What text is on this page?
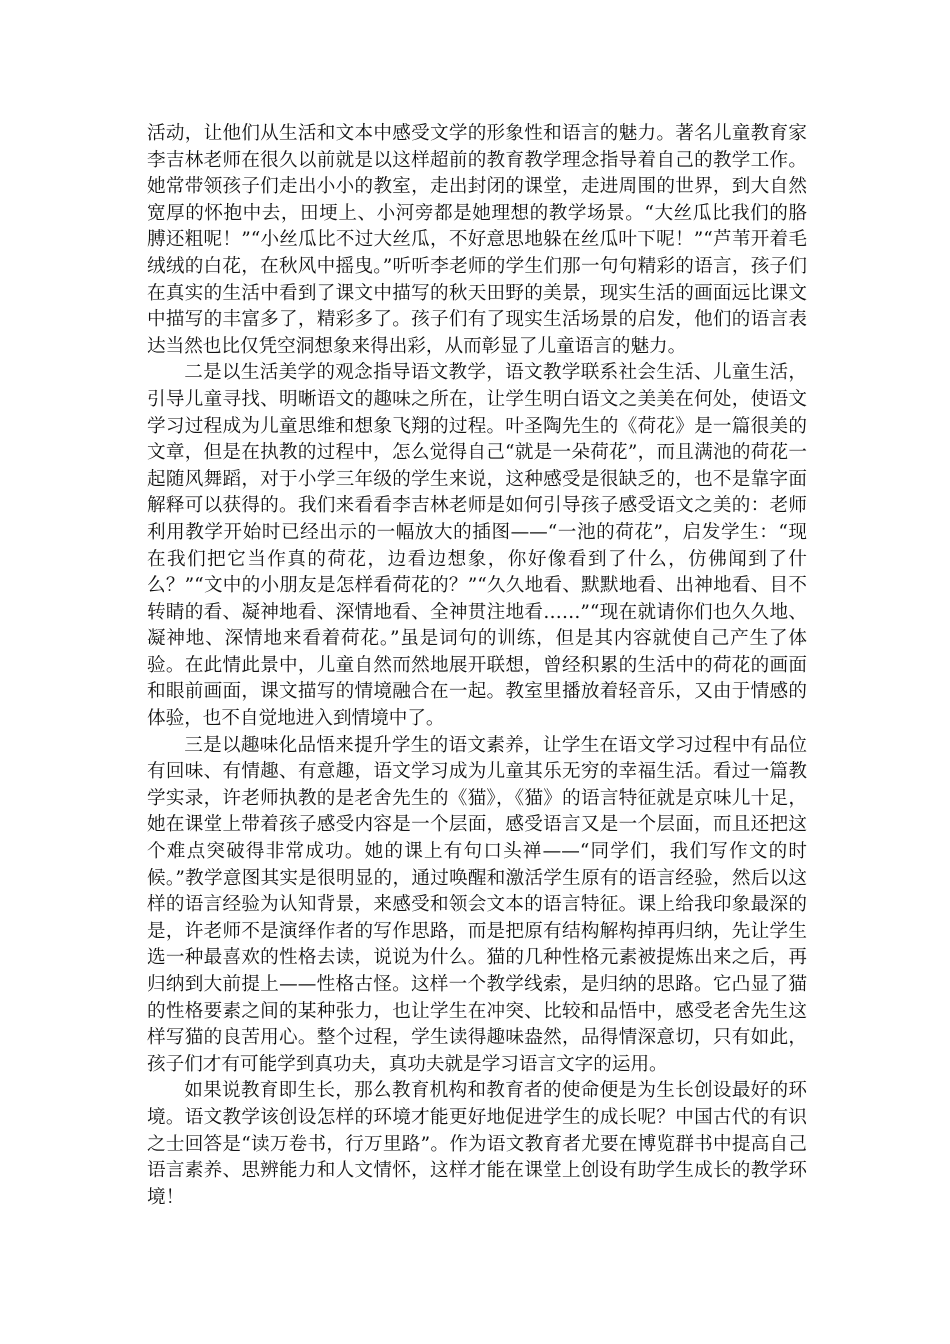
活动，让他们从生活和文本中感受文学的形象性和语言的魅力。著名儿童教育家李吉林老师在很久以前就是以这样超前的教育教学理念指导着自己的教学工作。她常带领孩子们走出小小的教室，走出封闭的课堂，走进周围的世界，到大自然宽厚的怀抱中去，田埂上、小河旁都是她理想的教学场景。“大丝瓜比我们的胳膊还粗呢！”“小丝瓜比不过大丝瓜，不好意思地躲在丝瓜叶下呢！”“芦苇开着毛绒绒的白花，在秋风中摇曳。”听听李老师的学生们那一句句精彩的语言，孩子们在真实的生活中看到了课文中描写的秋天田野的美景，现实生活的画面远比课文中描写的丰富多了，精彩多了。孩子们有了现实生活场景的启发，他们的语言表达当然也比仅凭空洞想象来得出彩，从而彰显了儿童语言的魅力。

二是以生活美学的观念指导语文教学，语文教学联系社会生活、儿童生活，引导儿童寻找、明晰语文的趣味之所在，让学生明白语文之美美在何处，使语文学习过程成为儿童思维和想象飞翔的过程。叶圣陶先生的《荷花》是一篇很美的文章，但是在执教的过程中，怎么觉得自己“就是一朵荷花”，而且满池的荷花一起随风舞蹈，对于小学三年级的学生来说，这种感受是很缺乏的，也不是靠字面解释可以获得的。我们来看看李吉林老师是如何引导孩子感受语文之美的：老师利用教学开始时已经出示的一幅放大的插图——“一池的荷花”，启发学生：“现在我们把它当作真的荷花，边看边想象，你好像看到了什么，仿佛闻到了什么？”“文中的小朋友是怎样看荷花的？”“久久地看、默默地看、出神地看、目不转睛的看、凝神地看、深情地看、全神贯注地看……”“现在就请你们也久久地、凝神地、深情地来看着荷花。”虽是词句的训练，但是其内容就使自己产生了体验。在此情此景中，儿童自然而然地展开联想，曾经积累的生活中的荷花的画面和眼前画面，课文描写的情境融合在一起。教室里播放着轻音乐，又由于情感的体验，也不自觉地进入到情境中了。

三是以趣味化品悟来提升学生的语文素养，让学生在语文学习过程中有品位有回味、有情趣、有意趣，语文学习成为儿童其乐无穷的幸福生活。看过一篇教学实录，许老师执教的是老舍先生的《猫》，《猫》的语言特征就是京味儿十足，她在课堂上带着孩子感受内容是一个层面，感受语言又是一个层面，而且还把这个难点突破得非常成功。她的课上有句口头禅——“同学们，我们写作文的时候。”教学意图其实是很明显的，通过唤醒和激活学生原有的语言经验，然后以这样的语言经验为认知背景，来感受和领会文本的语言特征。课上给我印象最深的是，许老师不是演绎作者的写作思路，而是把原有结构解构掉再归纳，先让学生选一种最喜欢的性格去读，说说为什么。猫的几种性格元素被提炼出来之后，再归纳到大前提上——性格古怪。这样一个教学线索，是归纳的思路。它凸显了猫的性格要素之间的某种张力，也让学生在冲突、比较和品悟中，感受老舍先生这样写猫的良苦用心。整个过程，学生读得趣味盎然，品得情深意切，只有如此，孩子们才有可能学到真功夫，真功夫就是学习语言文字的运用。

如果说教育即生长，那么教育机构和教育者的使命便是为生长创设最好的环境。语文教学该创设怎样的环境才能更好地促进学生的成长呢？中国古代的有识之士回答是“读万卷书，行万里路”。作为语文教育者尤要在博览群书中提高自己语言素养、思辨能力和人文情怀，这样才能在课堂上创设有助学生成长的教学环境！
